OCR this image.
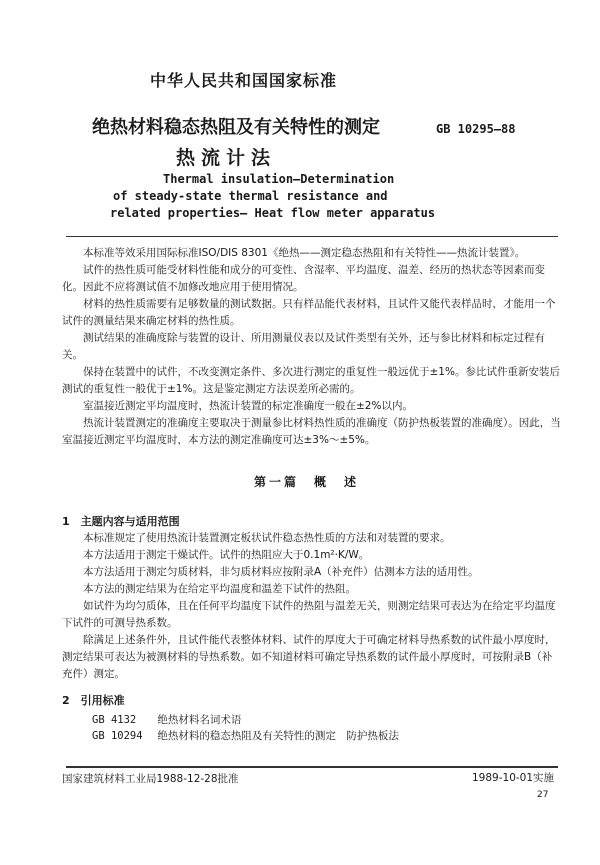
中华人民共和国国家标准
绝热材料稳态热阻及有关特性的测定
热流计法
GB 10295—88
Thermal insulation—Determination
of steady-state thermal resistance and
related properties— Heat flow meter apparatus

本标准等效采用国际标准ISO/DIS 8301《绝热——测定稳态热阻和有关特性——热流计装置》。

试件的热性质可能受材料性能和成分的可变性、含湿率、平均温度、温差、经历的热状态等因素而变化。因此不应将测试值不加修改地应用于使用情况。

材料的热性质需要有足够数量的测试数据。只有样品能代表材料，且试件又能代表样品时，才能用一个试件的测量结果来确定材料的热性质。

测试结果的准确度除与装置的设计、所用测量仪表以及试件类型有关外，还与参比材料和标定过程有关。

保持在装置中的试件，不改变测定条件、多次进行测定的重复性一般远优于±1%。参比试件重新安装后测试的重复性一般优于±1%。这是鉴定测定方法误差所必需的。

室温接近测定平均温度时，热流计装置的标定准确度一般在±2%以内。

热流计装置测定的准确度主要取决于测量参比材料热性质的准确度（防护热板装置的准确度）。因此，当室温接近测定平均温度时，本方法的测定准确度可达±3%～±5%。

第一篇　概　述
1　主题内容与适用范围

本标准规定了使用热流计装置测定板状试件稳态热性质的方法和对装置的要求。

本方法适用于测定干燥试件。试件的热阻应大于0.1m²·K/W。

本方法适用于测定匀质材料，非匀质材料应按附录A（补充件）估测本方法的适用性。

本方法的测定结果为在给定平均温度和温差下试件的热阻。

如试件为均匀质体，且在任何平均温度下试件的热阻与温差无关，则测定结果可表达为在给定平均温度下试件的可测导热系数。

除满足上述条件外，且试件能代表整体材料、试件的厚度大于可确定材料导热系数的试件最小厚度时，测定结果可表达为被测材料的导热系数。如不知道材料可确定导热系数的试件最小厚度时，可按附录B（补充件）测定。

2　引用标准
GB 4132 绝热材料名词术语
GB 10294 绝热材料的稳态热阻及有关特性的测定　防护热板法
国家建筑材料工业局1988-12-28批准	1989-10-01实施
27
